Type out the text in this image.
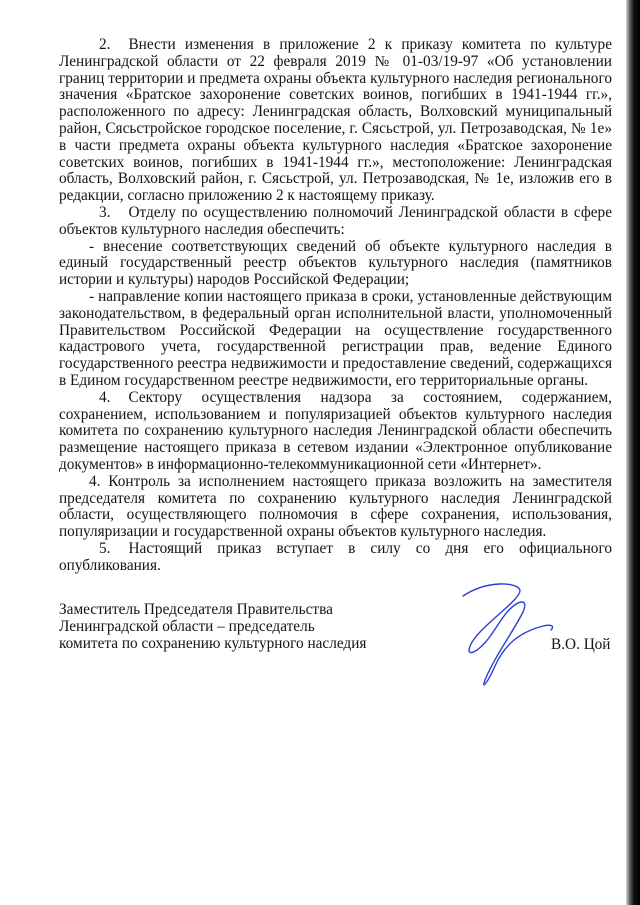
2. Внести изменения в приложение 2 к приказу комитета по культуре Ленинградской области от 22 февраля 2019 № 01-03/19-97 «Об установлении границ территории и предмета охраны объекта культурного наследия регионального значения «Братское захоронение советских воинов, погибших в 1941-1944 гг.», расположенного по адресу: Ленинградская область, Волховский муниципальный район, Сясьстройское городское поселение, г. Сясьстрой, ул. Петрозаводская, № 1е» в части предмета охраны объекта культурного наследия «Братское захоронение советских воинов, погибших в 1941-1944 гг.», местоположение: Ленинградская область, Волховский район, г. Сясьстрой, ул. Петрозаводская, № 1е, изложив его в редакции, согласно приложению 2 к настоящему приказу.

3. Отделу по осуществлению полномочий Ленинградской области в сфере объектов культурного наследия обеспечить:

- внесение соответствующих сведений об объекте культурного наследия в единый государственный реестр объектов культурного наследия (памятников истории и культуры) народов Российской Федерации;

- направление копии настоящего приказа в сроки, установленные действующим законодательством, в федеральный орган исполнительной власти, уполномоченный Правительством Российской Федерации на осуществление государственного кадастрового учета, государственной регистрации прав, ведение Единого государственного реестра недвижимости и предоставление сведений, содержащихся в Едином государственном реестре недвижимости, его территориальные органы.

4. Сектору осуществления надзора за состоянием, содержанием, сохранением, использованием и популяризацией объектов культурного наследия комитета по сохранению культурного наследия Ленинградской области обеспечить размещение настоящего приказа в сетевом издании «Электронное опубликование документов» в информационно-телекоммуникационной сети «Интернет».

4. Контроль за исполнением настоящего приказа возложить на заместителя председателя комитета по сохранению культурного наследия Ленинградской области, осуществляющего полномочия в сфере сохранения, использования, популяризации и государственной охраны объектов культурного наследия.

5. Настоящий приказ вступает в силу со дня его официального опубликования.

Заместитель Председателя Правительства
Ленинградской области – председатель
комитета по сохранению культурного наследия	В.О. Цой
